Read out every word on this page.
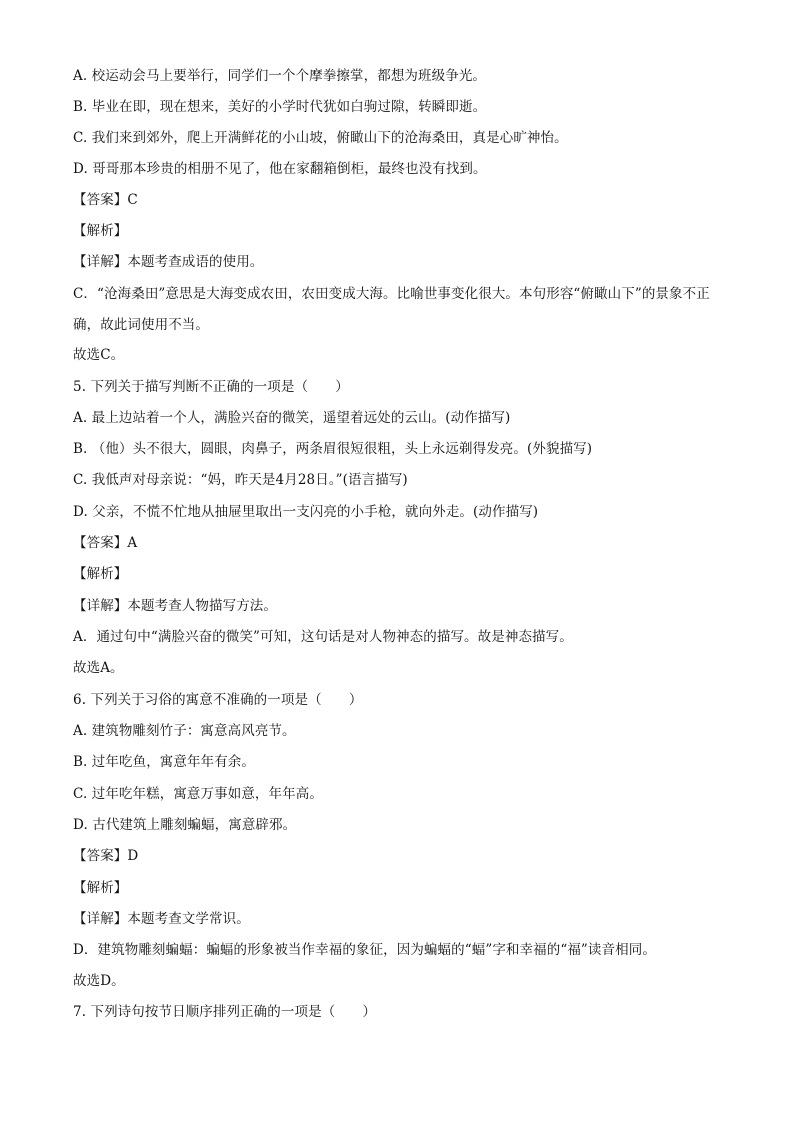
A. 校运动会马上要举行，同学们一个个摩拳擦掌，都想为班级争光。
B. 毕业在即，现在想来，美好的小学时代犹如白驹过隙，转瞬即逝。
C. 我们来到郊外，爬上开满鲜花的小山坡，俯瞰山下的沧海桑田，真是心旷神怡。
D. 哥哥那本珍贵的相册不见了，他在家翻箱倒柜，最终也没有找到。
【答案】C
【解析】
【详解】本题考查成语的使用。
C．“沧海桑田”意思是大海变成农田，农田变成大海。比喻世事变化很大。本句形容“俯瞰山下”的景象不正确，故此词使用不当。
故选C。
5. 下列关于描写判断不正确的一项是（　　）
A. 最上边站着一个人，满脸兴奋的微笑，遥望着远处的云山。(动作描写)
B. （他）头不很大，圆眼，肉鼻子，两条眉很短很粗，头上永远剃得发亮。(外貌描写)
C. 我低声对母亲说：“妈，昨天是4月28日。”(语言描写)
D. 父亲，不慌不忙地从抽屉里取出一支闪亮的小手枪，就向外走。(动作描写)
【答案】A
【解析】
【详解】本题考查人物描写方法。
A．通过句中“满脸兴奋的微笑”可知，这句话是对人物神态的描写。故是神态描写。
故选A。
6. 下列关于习俗的寓意不准确的一项是（　　）
A. 建筑物雕刻竹子：寓意高风亮节。
B. 过年吃鱼，寓意年年有余。
C. 过年吃年糕，寓意万事如意，年年高。
D. 古代建筑上雕刻蝙蝠，寓意辟邪。
【答案】D
【解析】
【详解】本题考查文学常识。
D．建筑物雕刻蝙蝠：蝙蝠的形象被当作幸福的象征，因为蝙蝠的“蝠”字和幸福的“福”读音相同。
故选D。
7. 下列诗句按节日顺序排列正确的一项是（　　）
